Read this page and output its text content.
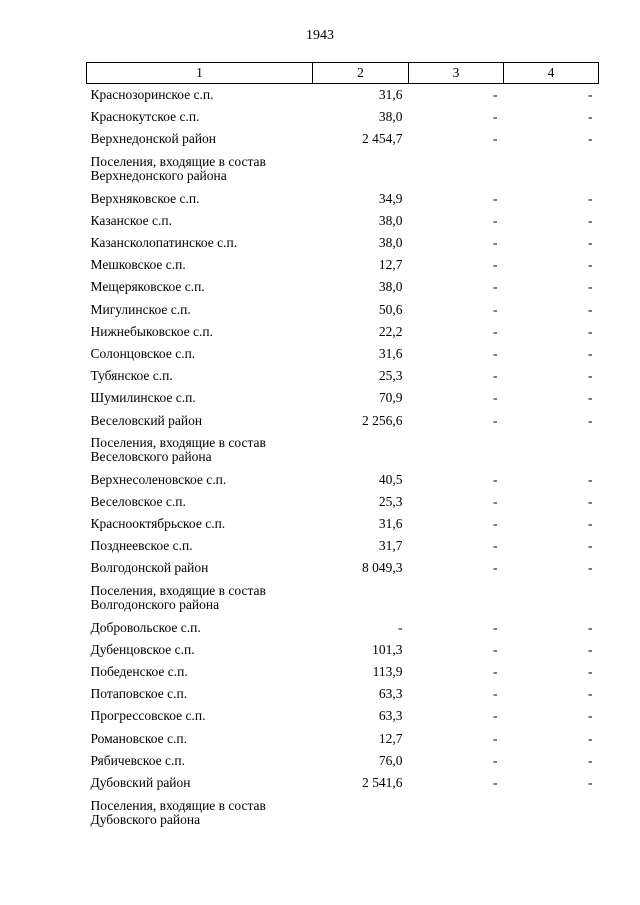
1943
1	2	3	4
Краснозоринское с.п.	31,6	-	-
Краснокутское с.п.	38,0	-	-
Верхнедонской район	2 454,7	-	-
Поселения, входящие в состав Верхнедонского района			
Верхняковское с.п.	34,9	-	-
Казанское с.п.	38,0	-	-
Казансколопатинское с.п.	38,0	-	-
Мешковское с.п.	12,7	-	-
Мещеряковское с.п.	38,0	-	-
Мигулинское с.п.	50,6	-	-
Нижнебыковское с.п.	22,2	-	-
Солонцовское с.п.	31,6	-	-
Тубянское с.п.	25,3	-	-
Шумилинское с.п.	70,9	-	-
Веселовский район	2 256,6	-	-
Поселения, входящие в состав Веселовского района			
Верхнесоленовское с.п.	40,5	-	-
Веселовское с.п.	25,3	-	-
Краснооктябрьское с.п.	31,6	-	-
Позднеевское с.п.	31,7	-	-
Волгодонской район	8 049,3	-	-
Поселения, входящие в состав Волгодонского района			
Добровольское с.п.	-	-	-
Дубенцовское с.п.	101,3	-	-
Победенское с.п.	113,9	-	-
Потаповское с.п.	63,3	-	-
Прогрессовское с.п.	63,3	-	-
Романовское с.п.	12,7	-	-
Рябичевское с.п.	76,0	-	-
Дубовский район	2 541,6	-	-
Поселения, входящие в состав Дубовского района			
